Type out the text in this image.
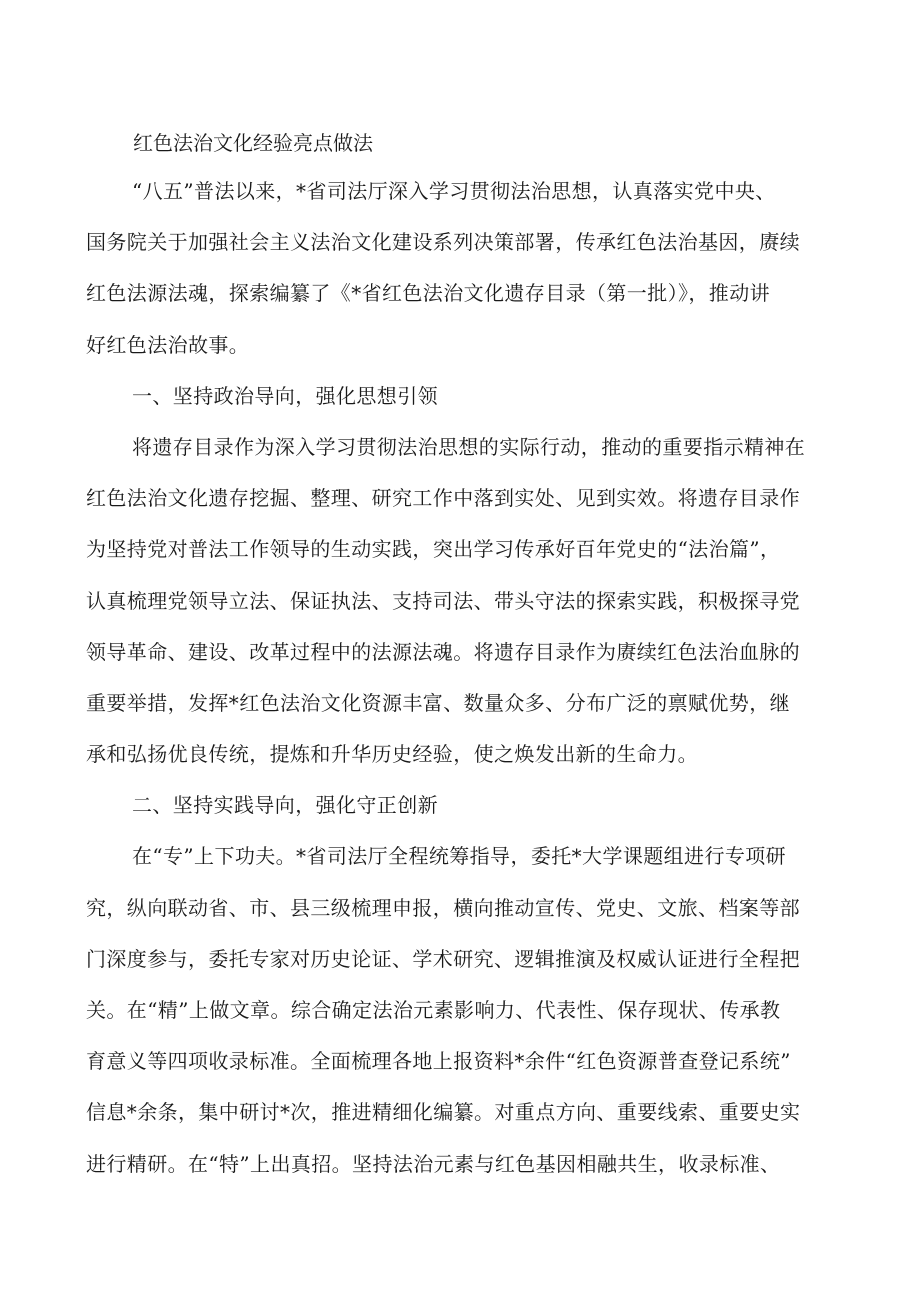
红色法治文化经验亮点做法
“八五”普法以来，*省司法厅深入学习贯彻法治思想，认真落实党中央、
国务院关于加强社会主义法治文化建设系列决策部署，传承红色法治基因，赓续
红色法源法魂，探索编纂了《*省红色法治文化遗存目录（第一批）》，推动讲
好红色法治故事。
一、坚持政治导向，强化思想引领
将遗存目录作为深入学习贯彻法治思想的实际行动，推动的重要指示精神在
红色法治文化遗存挖掘、整理、研究工作中落到实处、见到实效。将遗存目录作
为坚持党对普法工作领导的生动实践，突出学习传承好百年党史的“法治篇”，
认真梳理党领导立法、保证执法、支持司法、带头守法的探索实践，积极探寻党
领导革命、建设、改革过程中的法源法魂。将遗存目录作为赓续红色法治血脉的
重要举措，发挥*红色法治文化资源丰富、数量众多、分布广泛的禀赋优势，继
承和弘扬优良传统，提炼和升华历史经验，使之焕发出新的生命力。
二、坚持实践导向，强化守正创新
在“专”上下功夫。*省司法厅全程统筹指导，委托*大学课题组进行专项研
究，纵向联动省、市、县三级梳理申报，横向推动宣传、党史、文旅、档案等部
门深度参与，委托专家对历史论证、学术研究、逻辑推演及权威认证进行全程把
关。在“精”上做文章。综合确定法治元素影响力、代表性、保存现状、传承教
育意义等四项收录标准。全面梳理各地上报资料*余件“红色资源普查登记系统”
信息*余条，集中研讨*次，推进精细化编纂。对重点方向、重要线索、重要史实
进行精研。在“特”上出真招。坚持法治元素与红色基因相融共生，收录标准、
